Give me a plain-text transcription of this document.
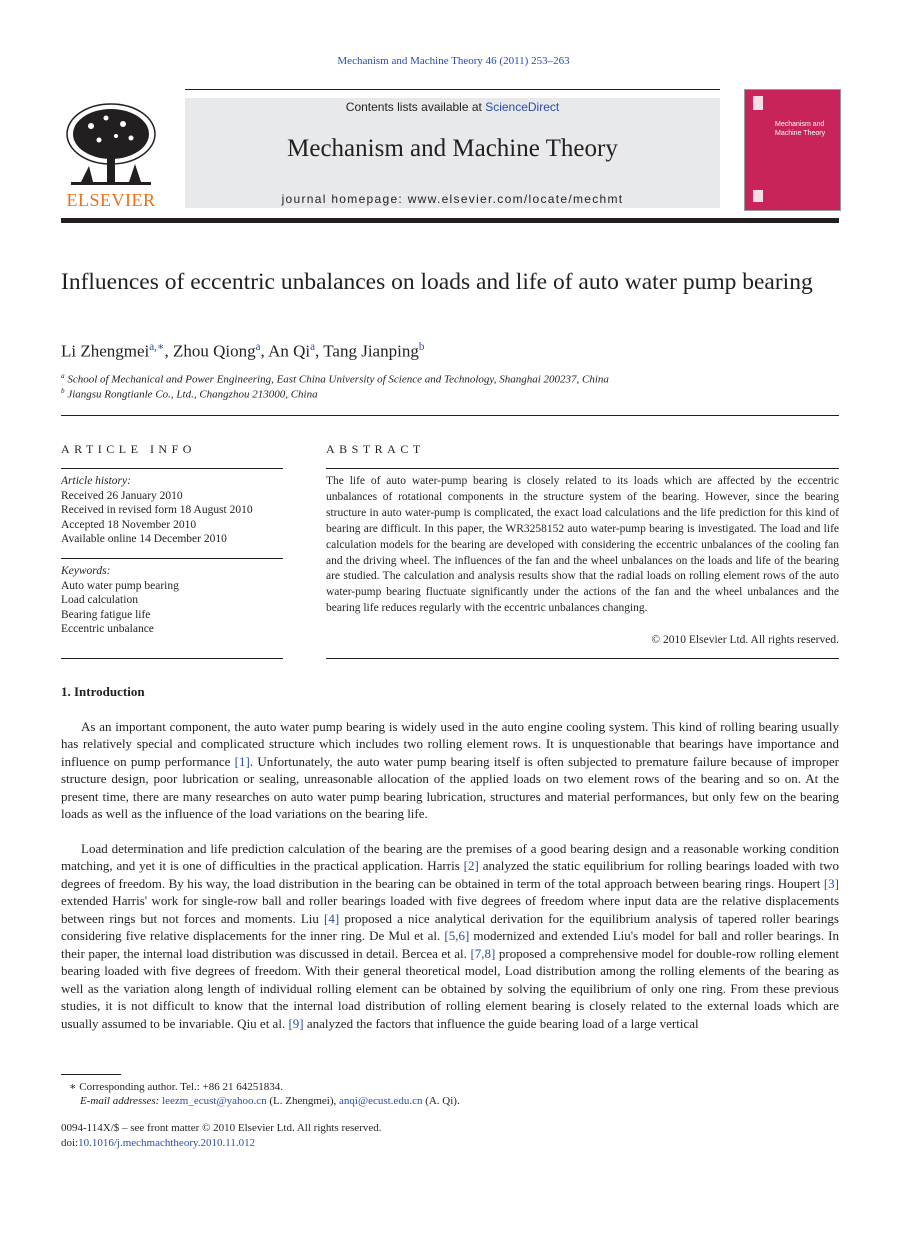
Mechanism and Machine Theory 46 (2011) 253–263
ELSEVIER
Contents lists available at ScienceDirect
Mechanism and Machine Theory
journal homepage: www.elsevier.com/locate/mechmt
Mechanism and Machine Theory
Influences of eccentric unbalances on loads and life of auto water pump bearing
Li Zhengmei$^{a,∗}$, Zhou Qiong$^a$, An Qi$^a$, Tang Jianping$^b$
$^a$ School of Mechanical and Power Engineering, East China University of Science and Technology, Shanghai 200237, China
$^b$ Jiangsu Rongtianle Co., Ltd., Changzhou 213000, China
ARTICLE INFO
Article history:
Received 26 January 2010
Received in revised form 18 August 2010
Accepted 18 November 2010
Available online 14 December 2010
Keywords:
Auto water pump bearing
Load calculation
Bearing fatigue life
Eccentric unbalance
ABSTRACT
The life of auto water-pump bearing is closely related to its loads which are affected by the eccentric unbalances of rotational components in the structure system of the bearing. However, since the bearing structure in auto water-pump is complicated, the exact load calculations and the life prediction for this kind of bearing are difficult. In this paper, the WR3258152 auto water-pump bearing is investigated. The load and life calculation models for the bearing are developed with considering the eccentric unbalances of the cooling fan and the driving wheel. The influences of the fan and the wheel unbalances on the loads and life of the bearing are studied. The calculation and analysis results show that the radial loads on rolling element rows of the auto water-pump bearing fluctuate significantly under the actions of the fan and the wheel unbalances and the bearing life reduces regularly with the eccentric unbalances changing.
© 2010 Elsevier Ltd. All rights reserved.
1. Introduction
As an important component, the auto water pump bearing is widely used in the auto engine cooling system. This kind of rolling bearing usually has relatively special and complicated structure which includes two rolling element rows. It is unquestionable that bearings have importance and influence on pump performance [1]. Unfortunately, the auto water pump bearing itself is often subjected to premature failure because of improper structure design, poor lubrication or sealing, unreasonable allocation of the applied loads on two element rows of the bearing and so on. At the present time, there are many researches on auto water pump bearing lubrication, structures and material performances, but only few on the bearing loads as well as the influence of the load variations on the bearing life.
Load determination and life prediction calculation of the bearing are the premises of a good bearing design and a reasonable working condition matching, and yet it is one of difficulties in the practical application. Harris [2] analyzed the static equilibrium for rolling bearings loaded with two degrees of freedom. By his way, the load distribution in the bearing can be obtained in term of the total approach between bearing rings. Houpert [3] extended Harris' work for single-row ball and roller bearings loaded with five degrees of freedom where input data are the relative displacements between rings but not forces and moments. Liu [4] proposed a nice analytical derivation for the equilibrium analysis of tapered roller bearings considering five relative displacements for the inner ring. De Mul et al. [5,6] modernized and extended Liu's model for ball and roller bearings. In their paper, the internal load distribution was discussed in detail. Bercea et al. [7,8] proposed a comprehensive model for double-row rolling element bearing loaded with five degrees of freedom. With their general theoretical model, Load distribution among the rolling elements of the bearing as well as the variation along length of individual rolling element can be obtained by solving the equilibrium of only one ring. From these previous studies, it is not difficult to know that the internal load distribution of rolling element bearing is closely related to the external loads which are usually assumed to be invariable. Qiu et al. [9] analyzed the factors that influence the guide bearing load of a large vertical
∗ Corresponding author. Tel.: +86 21 64251834.
E-mail addresses: leezm_ecust@yahoo.cn (L. Zhengmei), anqi@ecust.edu.cn (A. Qi).
0094-114X/$ – see front matter © 2010 Elsevier Ltd. All rights reserved.
doi:10.1016/j.mechmachtheory.2010.11.012
